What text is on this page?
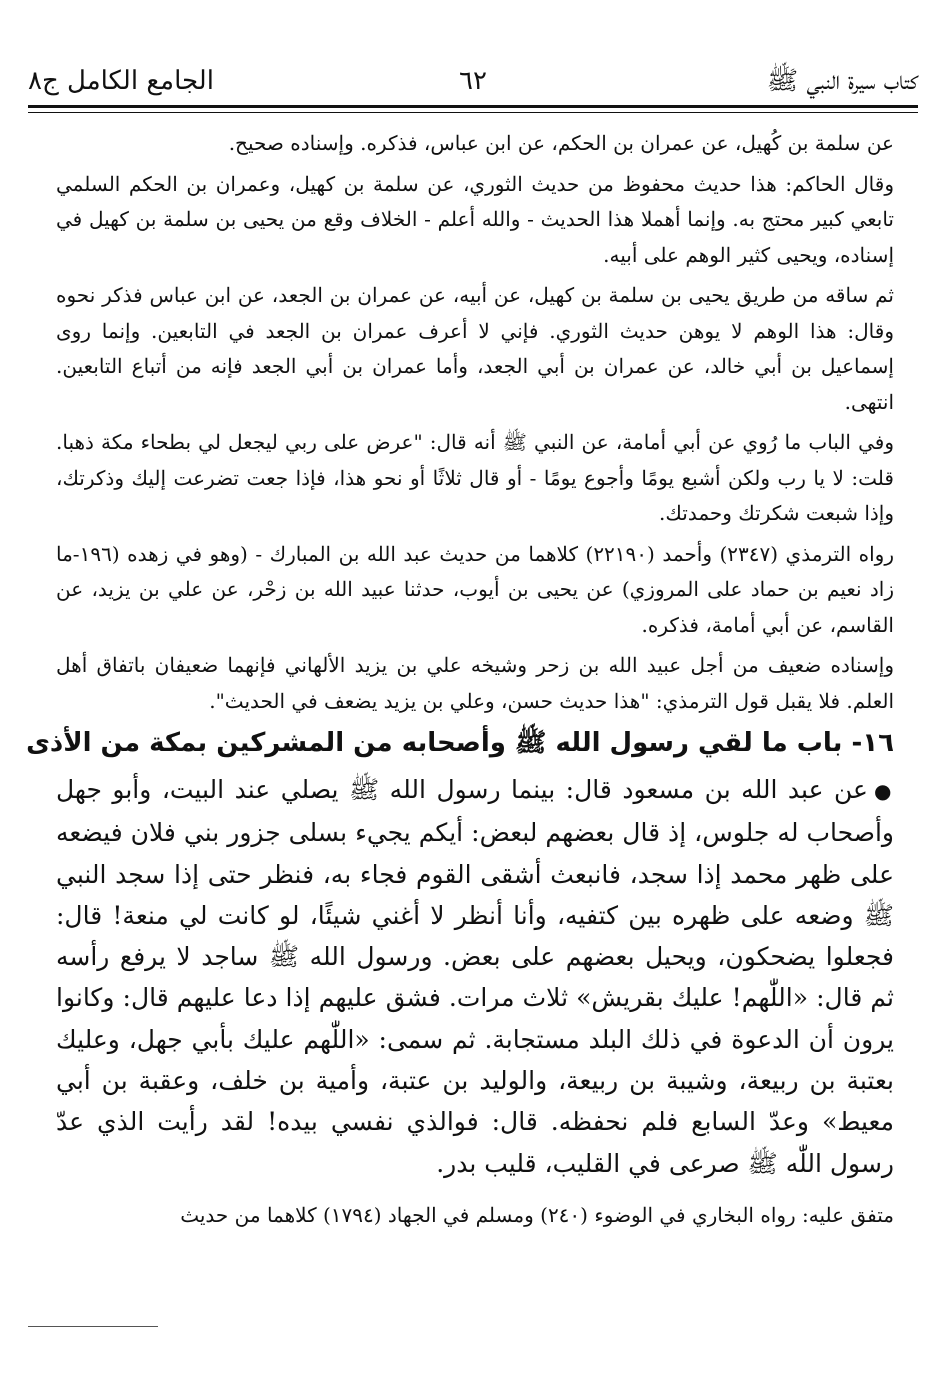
كتاب سيرة النبي ﷺ
٦٢
الجامع الكامل ج٨

عن سلمة بن كُهيل، عن عمران بن الحكم، عن ابن عباس، فذكره. وإسناده صحيح.

وقال الحاكم: هذا حديث محفوظ من حديث الثوري، عن سلمة بن كهيل، وعمران بن الحكم السلمي تابعي كبير محتج به. وإنما أهملا هذا الحديث - والله أعلم - الخلاف وقع من يحيى بن سلمة بن كهيل في إسناده، ويحيى كثير الوهم على أبيه.

ثم ساقه من طريق يحيى بن سلمة بن كهيل، عن أبيه، عن عمران بن الجعد، عن ابن عباس فذكر نحوه وقال: هذا الوهم لا يوهن حديث الثوري. فإني لا أعرف عمران بن الجعد في التابعين. وإنما روى إسماعيل بن أبي خالد، عن عمران بن أبي الجعد، وأما عمران بن أبي الجعد فإنه من أتباع التابعين. انتهى.

وفي الباب ما رُوي عن أبي أمامة، عن النبي ﷺ أنه قال: "عرض على ربي ليجعل لي بطحاء مكة ذهبا. قلت: لا يا رب ولكن أشبع يومًا وأجوع يومًا - أو قال ثلاثًا أو نحو هذا، فإذا جعت تضرعت إليك وذكرتك، وإذا شبعت شكرتك وحمدتك.

رواه الترمذي (٢٣٤٧) وأحمد (٢٢١٩٠) كلاهما من حديث عبد الله بن المبارك - (وهو في زهده (١٩٦-ما زاد نعيم بن حماد على المروزي) عن يحيى بن أيوب، حدثنا عبيد الله بن زحْر، عن علي بن يزيد، عن القاسم، عن أبي أمامة، فذكره.

وإسناده ضعيف من أجل عبيد الله بن زحر وشيخه علي بن يزيد الألهاني فإنهما ضعيفان باتفاق أهل العلم. فلا يقبل قول الترمذي: "هذا حديث حسن، وعلي بن يزيد يضعف في الحديث".

١٦- باب ما لقي رسول الله ﷺ وأصحابه من المشركين بمكة من الأذى

●عن عبد الله بن مسعود قال: بينما رسول الله ﷺ يصلي عند البيت، وأبو جهل وأصحاب له جلوس، إذ قال بعضهم لبعض: أيكم يجيء بسلى جزور بني فلان فيضعه على ظهر محمد إذا سجد، فانبعث أشقى القوم فجاء به، فنظر حتى إذا سجد النبي ﷺ وضعه على ظهره بين كتفيه، وأنا أنظر لا أغني شيئًا، لو كانت لي منعة! قال: فجعلوا يضحكون، ويحيل بعضهم على بعض. ورسول الله ﷺ ساجد لا يرفع رأسه ثم قال: «اللّٰهم! عليك بقريش» ثلاث مرات. فشق عليهم إذا دعا عليهم قال: وكانوا يرون أن الدعوة في ذلك البلد مستجابة. ثم سمى: «اللّٰهم عليك بأبي جهل، وعليك بعتبة بن ربيعة، وشيبة بن ربيعة، والوليد بن عتبة، وأمية بن خلف، وعقبة بن أبي معيط» وعدّ السابع فلم نحفظه. قال: فوالذي نفسي بيده! لقد رأيت الذي عدّ رسول اللّٰه ﷺ صرعى في القليب، قليب بدر.

متفق عليه: رواه البخاري في الوضوء (٢٤٠) ومسلم في الجهاد (١٧٩٤) كلاهما من حديث
